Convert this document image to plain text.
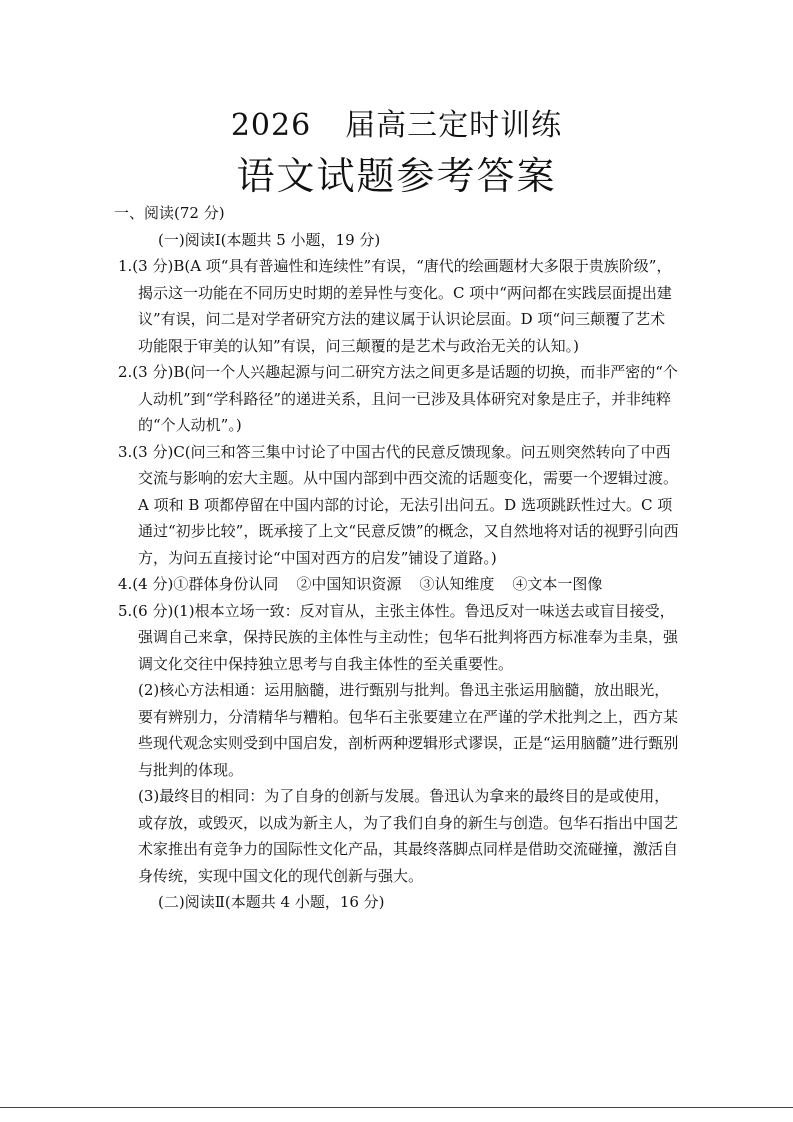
2026 届高三定时训练
语文试题参考答案

一、阅读(72 分)

(一)阅读Ⅰ(本题共 5 小题，19 分)

1.(3 分)B(A 项“具有普遍性和连续性”有误，“唐代的绘画题材大多限于贵族阶级”，揭示这一功能在不同历史时期的差异性与变化。C 项中“两问都在实践层面提出建议”有误，问二是对学者研究方法的建议属于认识论层面。D 项“问三颠覆了艺术功能限于审美的认知”有误，问三颠覆的是艺术与政治无关的认知。)

2.(3 分)B(问一个人兴趣起源与问二研究方法之间更多是话题的切换，而非严密的“个人动机”到“学科路径”的递进关系，且问一已涉及具体研究对象是庄子，并非纯粹的“个人动机”。)

3.(3 分)C(问三和答三集中讨论了中国古代的民意反馈现象。问五则突然转向了中西交流与影响的宏大主题。从中国内部到中西交流的话题变化，需要一个逻辑过渡。A 项和 B 项都停留在中国内部的讨论，无法引出问五。D 选项跳跃性过大。C 项通过“初步比较”，既承接了上文“民意反馈”的概念，又自然地将对话的视野引向西方，为问五直接讨论“中国对西方的启发”铺设了道路。)

4.(4 分)①群体身份认同 ②中国知识资源 ③认知维度 ④文本一图像

5.(6 分)(1)根本立场一致：反对盲从，主张主体性。鲁迅反对一味送去或盲目接受，强调自己来拿，保持民族的主体性与主动性；包华石批判将西方标准奉为圭臬，强调文化交往中保持独立思考与自我主体性的至关重要性。

(2)核心方法相通：运用脑髓，进行甄别与批判。鲁迅主张运用脑髓，放出眼光，要有辨别力，分清精华与糟粕。包华石主张要建立在严谨的学术批判之上，西方某些现代观念实则受到中国启发，剖析两种逻辑形式谬误，正是“运用脑髓”进行甄别与批判的体现。

(3)最终目的相同：为了自身的创新与发展。鲁迅认为拿来的最终目的是或使用，或存放，或毁灭，以成为新主人，为了我们自身的新生与创造。包华石指出中国艺术家推出有竞争力的国际性文化产品，其最终落脚点同样是借助交流碰撞，激活自身传统，实现中国文化的现代创新与强大。

(二)阅读Ⅱ(本题共 4 小题，16 分)
